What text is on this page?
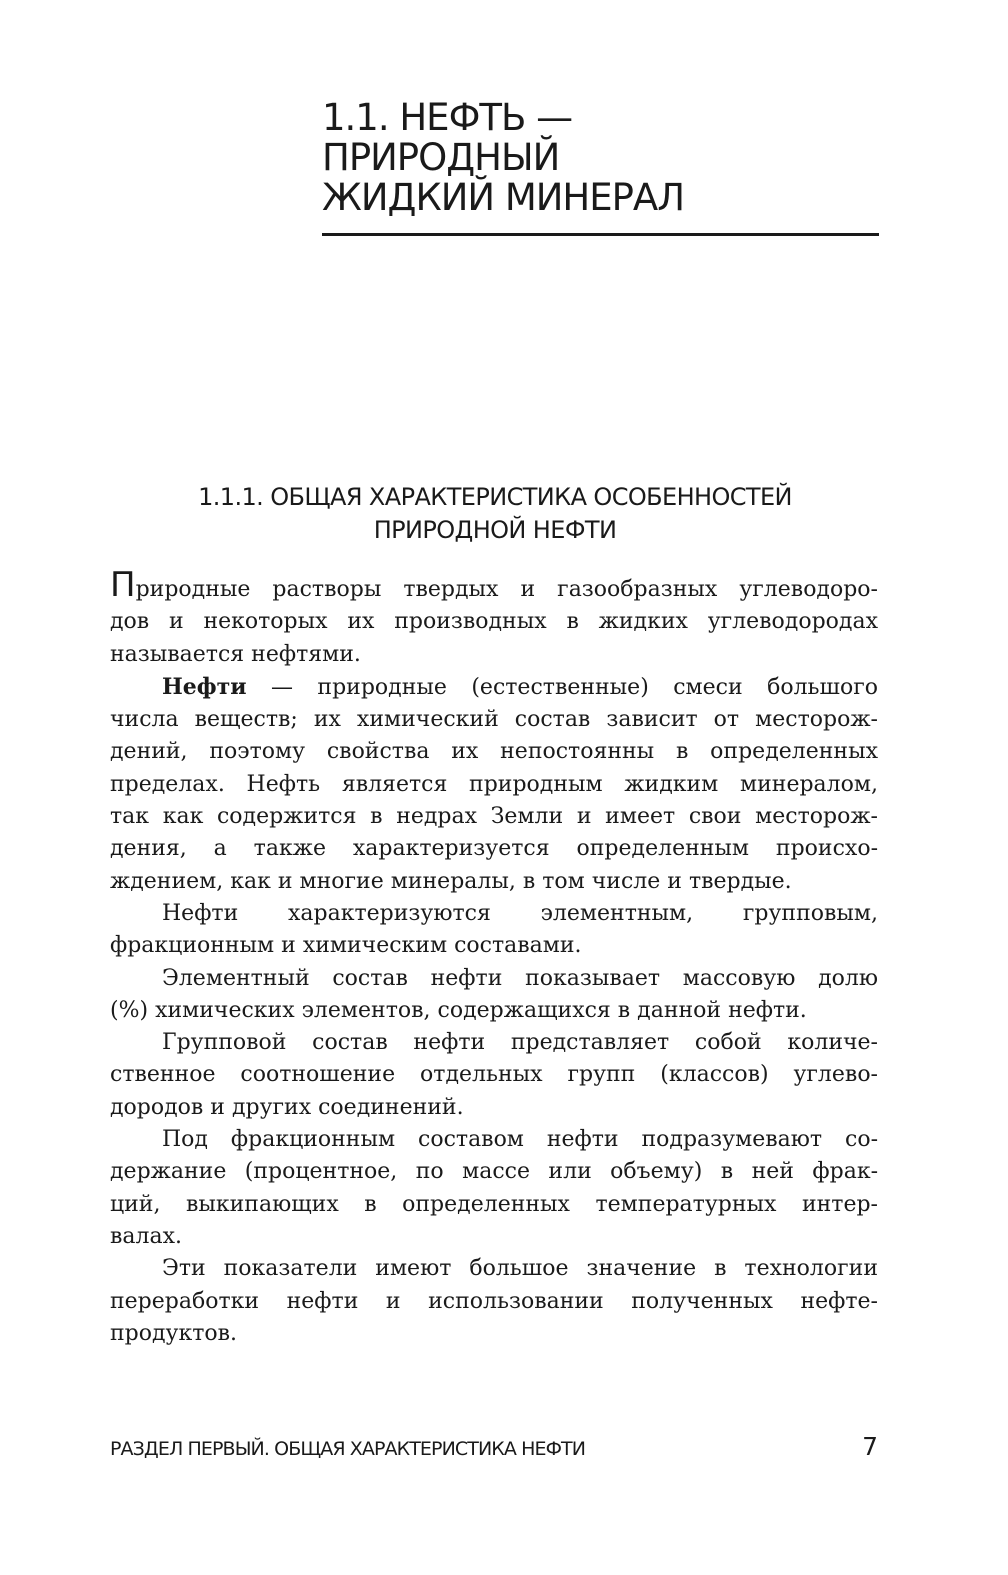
1.1. НЕФТЬ —
ПРИРОДНЫЙ
ЖИДКИЙ МИНЕРАЛ
1.1.1. ОБЩАЯ ХАРАКТЕРИСТИКА ОСОБЕННОСТЕЙ
ПРИРОДНОЙ НЕФТИ

Природные растворы твердых и газообразных углеводоро-
дов и некоторых их производных в жидких углеводородах
называется нефтями.

Нефти — природные (естественные) смеси большого
числа веществ; их химический состав зависит от месторож-
дений, поэтому свойства их непостоянны в определенных
пределах. Нефть является природным жидким минералом,
так как содержится в недрах Земли и имеет свои месторож-
дения, а также характеризуется определенным происхо-
ждением, как и многие минералы, в том числе и твердые.

Нефти характеризуются элементным, групповым,
фракционным и химическим составами.

Элементный состав нефти показывает массовую долю
(%) химических элементов, содержащихся в данной нефти.

Групповой состав нефти представляет собой количе-
ственное соотношение отдельных групп (классов) углево-
дородов и других соединений.

Под фракционным составом нефти подразумевают со-
держание (процентное, по массе или объему) в ней фрак-
ций, выкипающих в определенных температурных интер-
валах.

Эти показатели имеют большое значение в технологии
переработки нефти и использовании полученных нефте-
продуктов.

РАЗДЕЛ ПЕРВЫЙ. ОБЩАЯ ХАРАКТЕРИСТИКА НЕФТИ	7
